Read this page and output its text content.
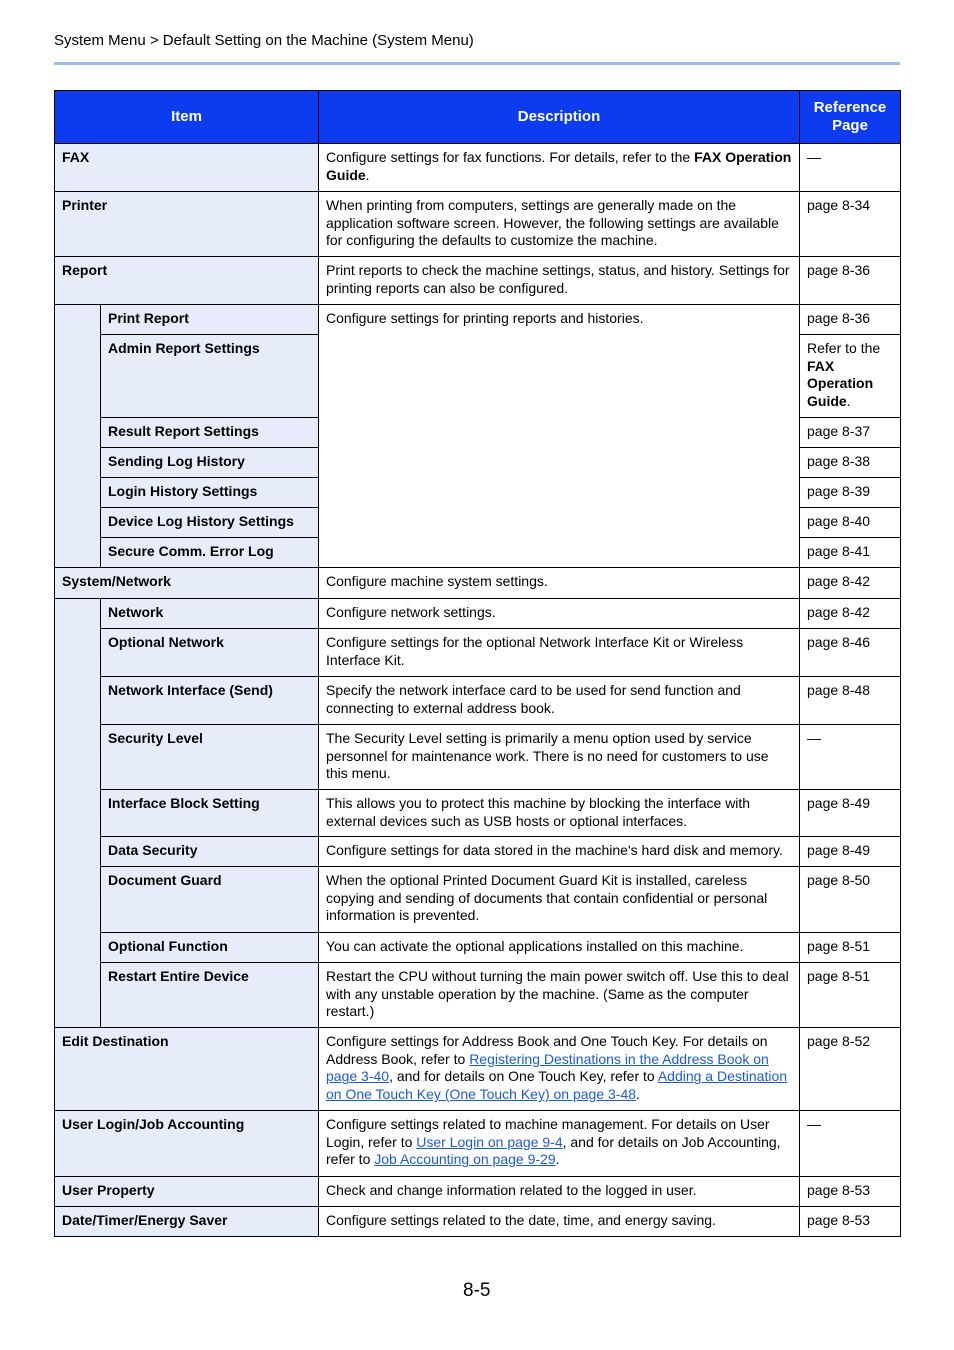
System Menu > Default Setting on the Machine (System Menu)
Item		Description	Reference Page
FAX		Configure settings for fax functions. For details, refer to the FAX Operation Guide.	—
Printer		When printing from computers, settings are generally made on the application software screen. However, the following settings are available for configuring the defaults to customize the machine.	page 8-34
Report		Print reports to check the machine settings, status, and history. Settings for printing reports can also be configured.	page 8-36
	Print Report	Configure settings for printing reports and histories.	page 8-36
	Admin Report Settings		Refer to the FAX Operation Guide.
	Result Report Settings		page 8-37
	Sending Log History		page 8-38
	Login History Settings		page 8-39
	Device Log History Settings		page 8-40
	Secure Comm. Error Log		page 8-41
System/Network		Configure machine system settings.	page 8-42
	Network	Configure network settings.	page 8-42
	Optional Network	Configure settings for the optional Network Interface Kit or Wireless Interface Kit.	page 8-46
	Network Interface (Send)	Specify the network interface card to be used for send function and connecting to external address book.	page 8-48
	Security Level	The Security Level setting is primarily a menu option used by service personnel for maintenance work. There is no need for customers to use this menu.	—
	Interface Block Setting	This allows you to protect this machine by blocking the interface with external devices such as USB hosts or optional interfaces.	page 8-49
	Data Security	Configure settings for data stored in the machine's hard disk and memory.	page 8-49
	Document Guard	When the optional Printed Document Guard Kit is installed, careless copying and sending of documents that contain confidential or personal information is prevented.	page 8-50
	Optional Function	You can activate the optional applications installed on this machine.	page 8-51
	Restart Entire Device	Restart the CPU without turning the main power switch off. Use this to deal with any unstable operation by the machine. (Same as the computer restart.)	page 8-51
Edit Destination		Configure settings for Address Book and One Touch Key. For details on Address Book, refer to Registering Destinations in the Address Book on page 3-40, and for details on One Touch Key, refer to Adding a Destination on One Touch Key (One Touch Key) on page 3-48.	page 8-52
User Login/Job Accounting		Configure settings related to machine management. For details on User Login, refer to User Login on page 9-4, and for details on Job Accounting, refer to Job Accounting on page 9-29.	—
User Property		Check and change information related to the logged in user.	page 8-53
Date/Timer/Energy Saver		Configure settings related to the date, time, and energy saving.	page 8-53
8-5
